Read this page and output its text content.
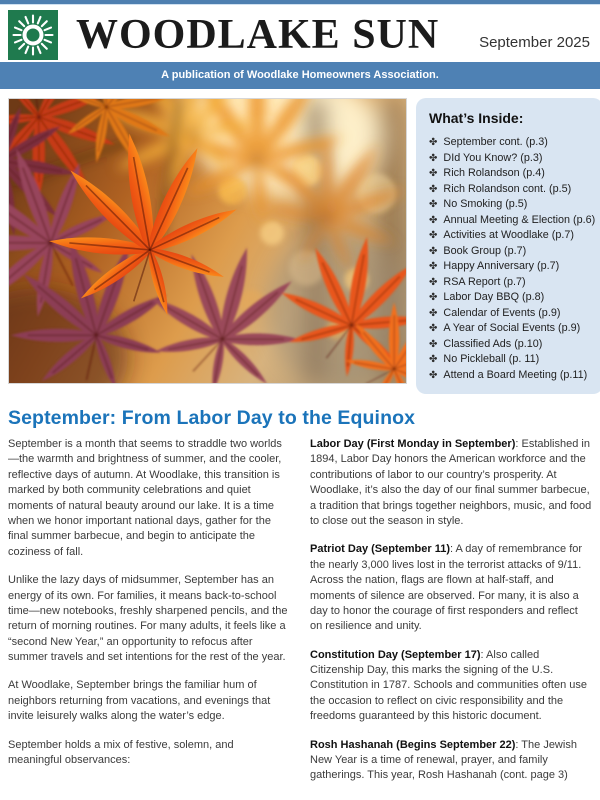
WOODLAKE SUN	September 2025
A publication of Woodlake Homeowners Association.
What’s Inside:
✤ September cont. (p.3)
✤ DId You Know? (p.3)
✤ Rich Rolandson (p.4)
✤ Rich Rolandson cont. (p.5)
✤ No Smoking (p.5)
✤ Annual Meeting & Election (p.6)
✤ Activities at Woodlake (p.7)
✤ Book Group (p.7)
✤ Happy Anniversary (p.7)
✤ RSA Report (p.7)
✤ Labor Day BBQ (p.8)
✤ Calendar of Events (p.9)
✤ A Year of Social Events (p.9)
✤ Classified Ads (p.10)
✤ No Pickleball (p. 11)
✤ Attend a Board Meeting (p.11)
September: From Labor Day to the Equinox

September is a month that seems to straddle two worlds—the warmth and brightness of summer, and the cooler, reflective days of autumn. At Woodlake, this transition is marked by both community celebrations and quiet moments of natural beauty around our lake. It is a time when we honor important national days, gather for the final summer barbecue, and begin to anticipate the coziness of fall.

Unlike the lazy days of midsummer, September has an energy of its own. For families, it means back-to-school time—new notebooks, freshly sharpened pencils, and the return of morning routines. For many adults, it feels like a “second New Year,” an opportunity to refocus after summer travels and set intentions for the rest of the year.

At Woodlake, September brings the familiar hum of neighbors returning from vacations, and evenings that invite leisurely walks along the water’s edge.

September holds a mix of festive, solemn, and meaningful observances:

Labor Day (First Monday in September): Established in 1894, Labor Day honors the American workforce and the contributions of labor to our country’s prosperity. At Woodlake, it’s also the day of our final summer barbecue, a tradition that brings together neighbors, music, and food to close out the season in style.

Patriot Day (September 11): A day of remembrance for the nearly 3,000 lives lost in the terrorist attacks of 9/11. Across the nation, flags are flown at half-staff, and moments of silence are observed. For many, it is also a day to honor the courage of first responders and reflect on resilience and unity.

Constitution Day (September 17): Also called Citizenship Day, this marks the signing of the U.S. Constitution in 1787. Schools and communities often use the occasion to reflect on civic responsibility and the freedoms guaranteed by this historic document.

Rosh Hashanah (Begins September 22): The Jewish New Year is a time of renewal, prayer, and family gatherings. This year, Rosh Hashanah (cont. page 3)
